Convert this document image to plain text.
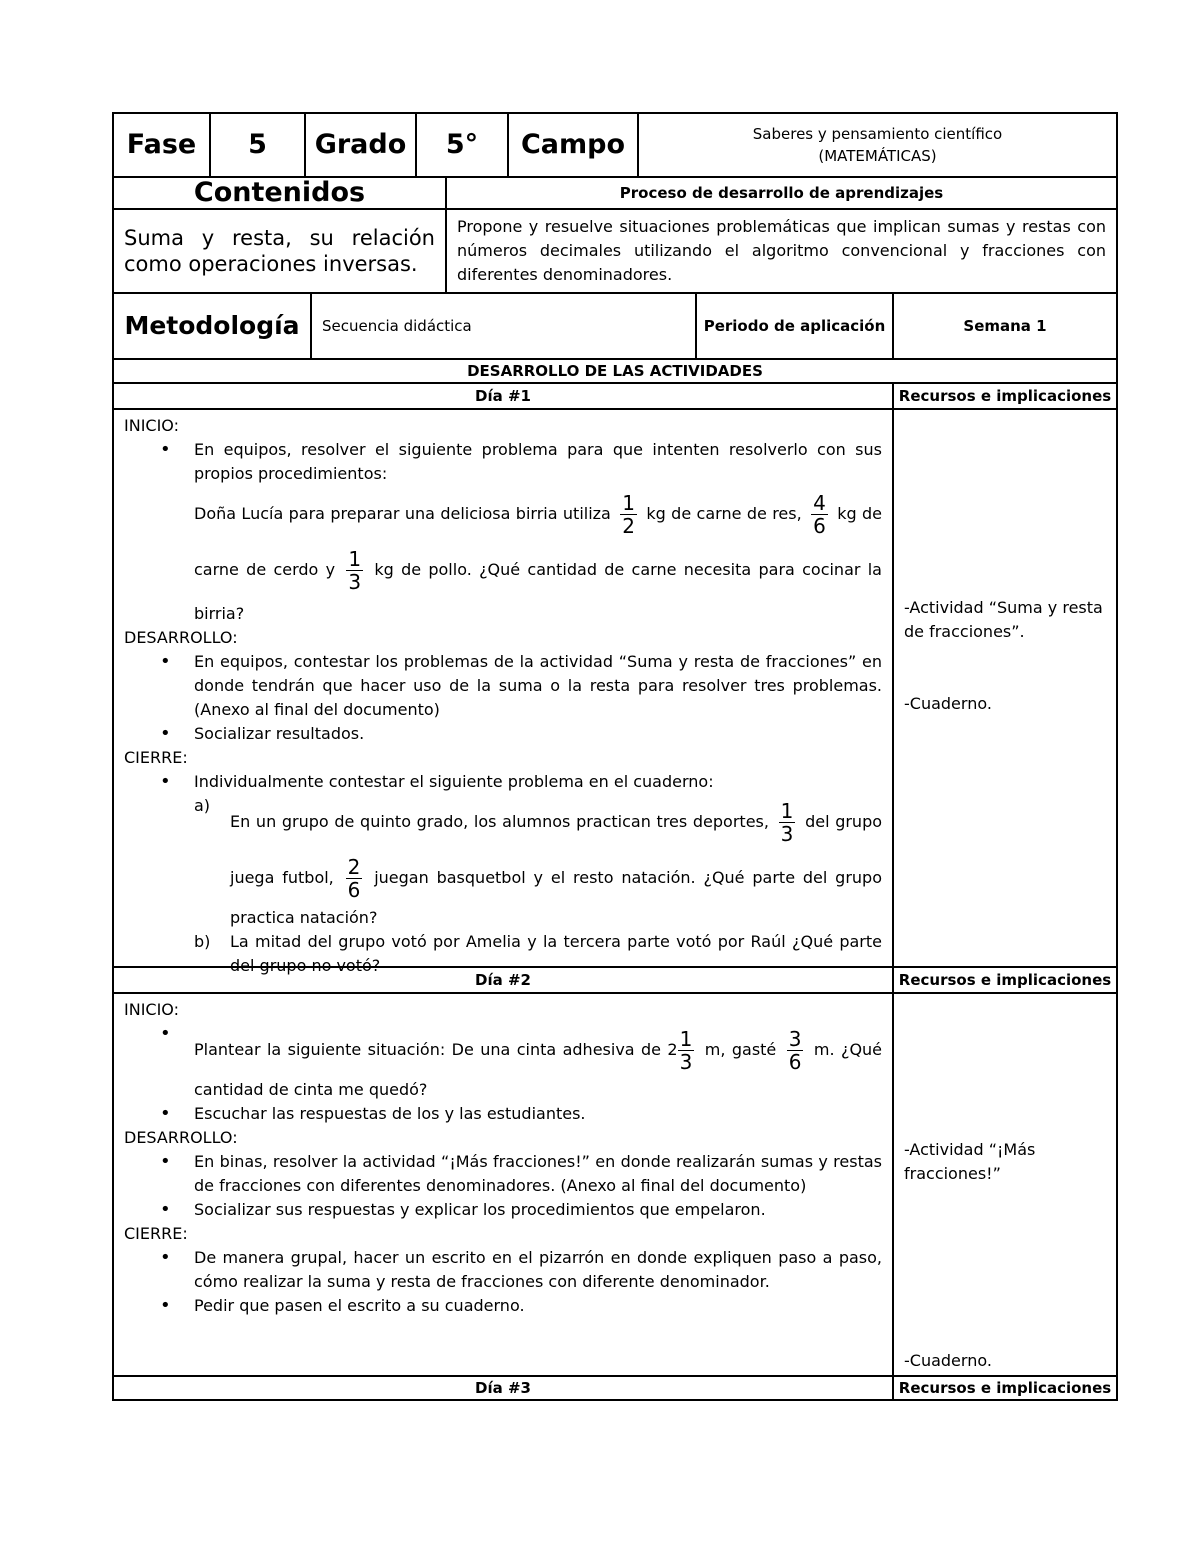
Fase	5	Grado	5°	Campo	Saberes y pensamiento científico
(MATEMÁTICAS)
Contenidos	Proceso de desarrollo de aprendizajes
Suma y resta, su relación como operaciones inversas.
Propone y resuelve situaciones problemáticas que implican sumas y restas con números decimales utilizando el algoritmo convencional y fracciones con diferentes denominadores.
Metodología	Secuencia didáctica	Periodo de aplicación	Semana 1
DESARROLLO DE LAS ACTIVIDADES
Día #1	Recursos e implicaciones

INICIO:

• En equipos, resolver el siguiente problema para que intenten resolverlo con sus propios procedimientos:
Doña Lucía para preparar una deliciosa birria utiliza $\frac{1}{2}$ kg de carne de res, $\frac{4}{6}$ kg de
carne de cerdo y $\frac{1}{3}$ kg de pollo. ¿Qué cantidad de carne necesita para cocinar la
birria?

DESARROLLO:

• En equipos, contestar los problemas de la actividad “Suma y resta de fracciones” en donde tendrán que hacer uso de la suma o la resta para resolver tres problemas. (Anexo al final del documento)
• Socializar resultados.

CIERRE:

• Individualmente contestar el siguiente problema en el cuaderno:
a)
En un grupo de quinto grado, los alumnos practican tres deportes, $\frac{1}{3}$ del grupo
juega futbol, $\frac{2}{6}$ juegan basquetbol y el resto natación. ¿Qué parte del grupo
practica natación?
b) La mitad del grupo votó por Amelia y la tercera parte votó por Raúl ¿Qué parte del grupo no votó?
-Actividad “Suma y resta de fracciones”.
-Cuaderno.
Día #2	Recursos e implicaciones

INICIO:

• Plantear la siguiente situación: De una cinta adhesiva de $2 \frac{1}{3} m$, gasté $\frac{3}{6} m$. ¿Qué
cantidad de cinta me quedó?
• Escuchar las respuestas de los y las estudiantes.

DESARROLLO:

• En binas, resolver la actividad “¡Más fracciones!” en donde realizarán sumas y restas de fracciones con diferentes denominadores. (Anexo al final del documento)
• Socializar sus respuestas y explicar los procedimientos que empelaron.

CIERRE:

• De manera grupal, hacer un escrito en el pizarrón en donde expliquen paso a paso, cómo realizar la suma y resta de fracciones con diferente denominador.
• Pedir que pasen el escrito a su cuaderno.
-Actividad “¡Más fracciones!”
-Cuaderno.
Día #3	Recursos e implicaciones
